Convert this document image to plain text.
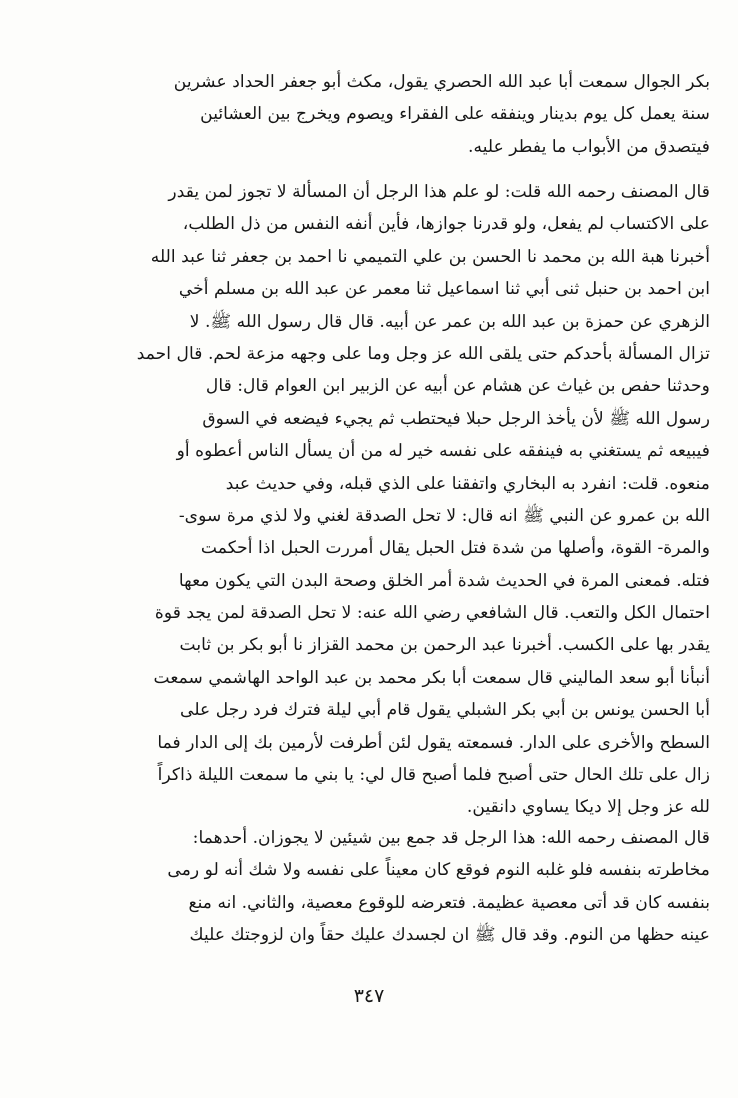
بكر الجوال سمعت أبا عبد الله الحصري يقول، مكث أبو جعفر الحداد عشرين
سنة يعمل كل يوم بدينار وينفقه على الفقراء ويصوم ويخرج بين العشائين
فيتصدق من الأبواب ما يفطر عليه.
قال المصنف رحمه الله قلت: لو علم هذا الرجل أن المسألة لا تجوز لمن يقدر
على الاكتساب لم يفعل، ولو قدرنا جوازها، فأين أنفه النفس من ذل الطلب،
أخبرنا هبة الله بن محمد نا الحسن بن علي التميمي نا احمد بن جعفر ثنا عبد الله
ابن احمد بن حنبل ثنى أبي ثنا اسماعيل ثنا معمر عن عبد الله بن مسلم أخي
الزهري عن حمزة بن عبد الله بن عمر عن أبيه. قال قال رسول الله ﷺ. لا
تزال المسألة بأحدكم حتى يلقى الله عز وجل وما على وجهه مزعة لحم. قال احمد
وحدثنا حفص بن غياث عن هشام عن أبيه عن الزبير ابن العوام قال: قال
رسول الله ﷺ لأن يأخذ الرجل حبلا فيحتطب ثم يجيء فيضعه في السوق
فيبيعه ثم يستغني به فينفقه على نفسه خير له من أن يسأل الناس أعطوه أو
منعوه. قلت: انفرد به البخاري واتفقنا على الذي قبله، وفي حديث عبد
الله بن عمرو عن النبي ﷺ انه قال: لا تحل الصدقة لغني ولا لذي مرة سوى-
والمرة- القوة، وأصلها من شدة فتل الحبل يقال أمررت الحبل اذا أحكمت
فتله. فمعنى المرة في الحديث شدة أمر الخلق وصحة البدن التي يكون معها
احتمال الكل والتعب. قال الشافعي رضي الله عنه: لا تحل الصدقة لمن يجد قوة
يقدر بها على الكسب. أخبرنا عبد الرحمن بن محمد القزاز نا أبو بكر بن ثابت
أنبأنا أبو سعد الماليني قال سمعت أبا بكر محمد بن عبد الواحد الهاشمي سمعت
أبا الحسن يونس بن أبي بكر الشبلي يقول قام أبي ليلة فترك فرد رجل على
السطح والأخرى على الدار. فسمعته يقول لئن أطرفت لأرمين بك إلى الدار فما
زال على تلك الحال حتى أصبح فلما أصبح قال لي: يا بني ما سمعت الليلة ذاكراً
لله عز وجل إلا ديكا يساوي دانقين.
قال المصنف رحمه الله: هذا الرجل قد جمع بين شيئين لا يجوزان. أحدهما:
مخاطرته بنفسه فلو غلبه النوم فوقع كان معيناً على نفسه ولا شك أنه لو رمى
بنفسه كان قد أتى معصية عظيمة. فتعرضه للوقوع معصية، والثاني. انه منع
عينه حظها من النوم. وقد قال ﷺ ان لجسدك عليك حقاً وان لزوجتك عليك
٣٤٧
